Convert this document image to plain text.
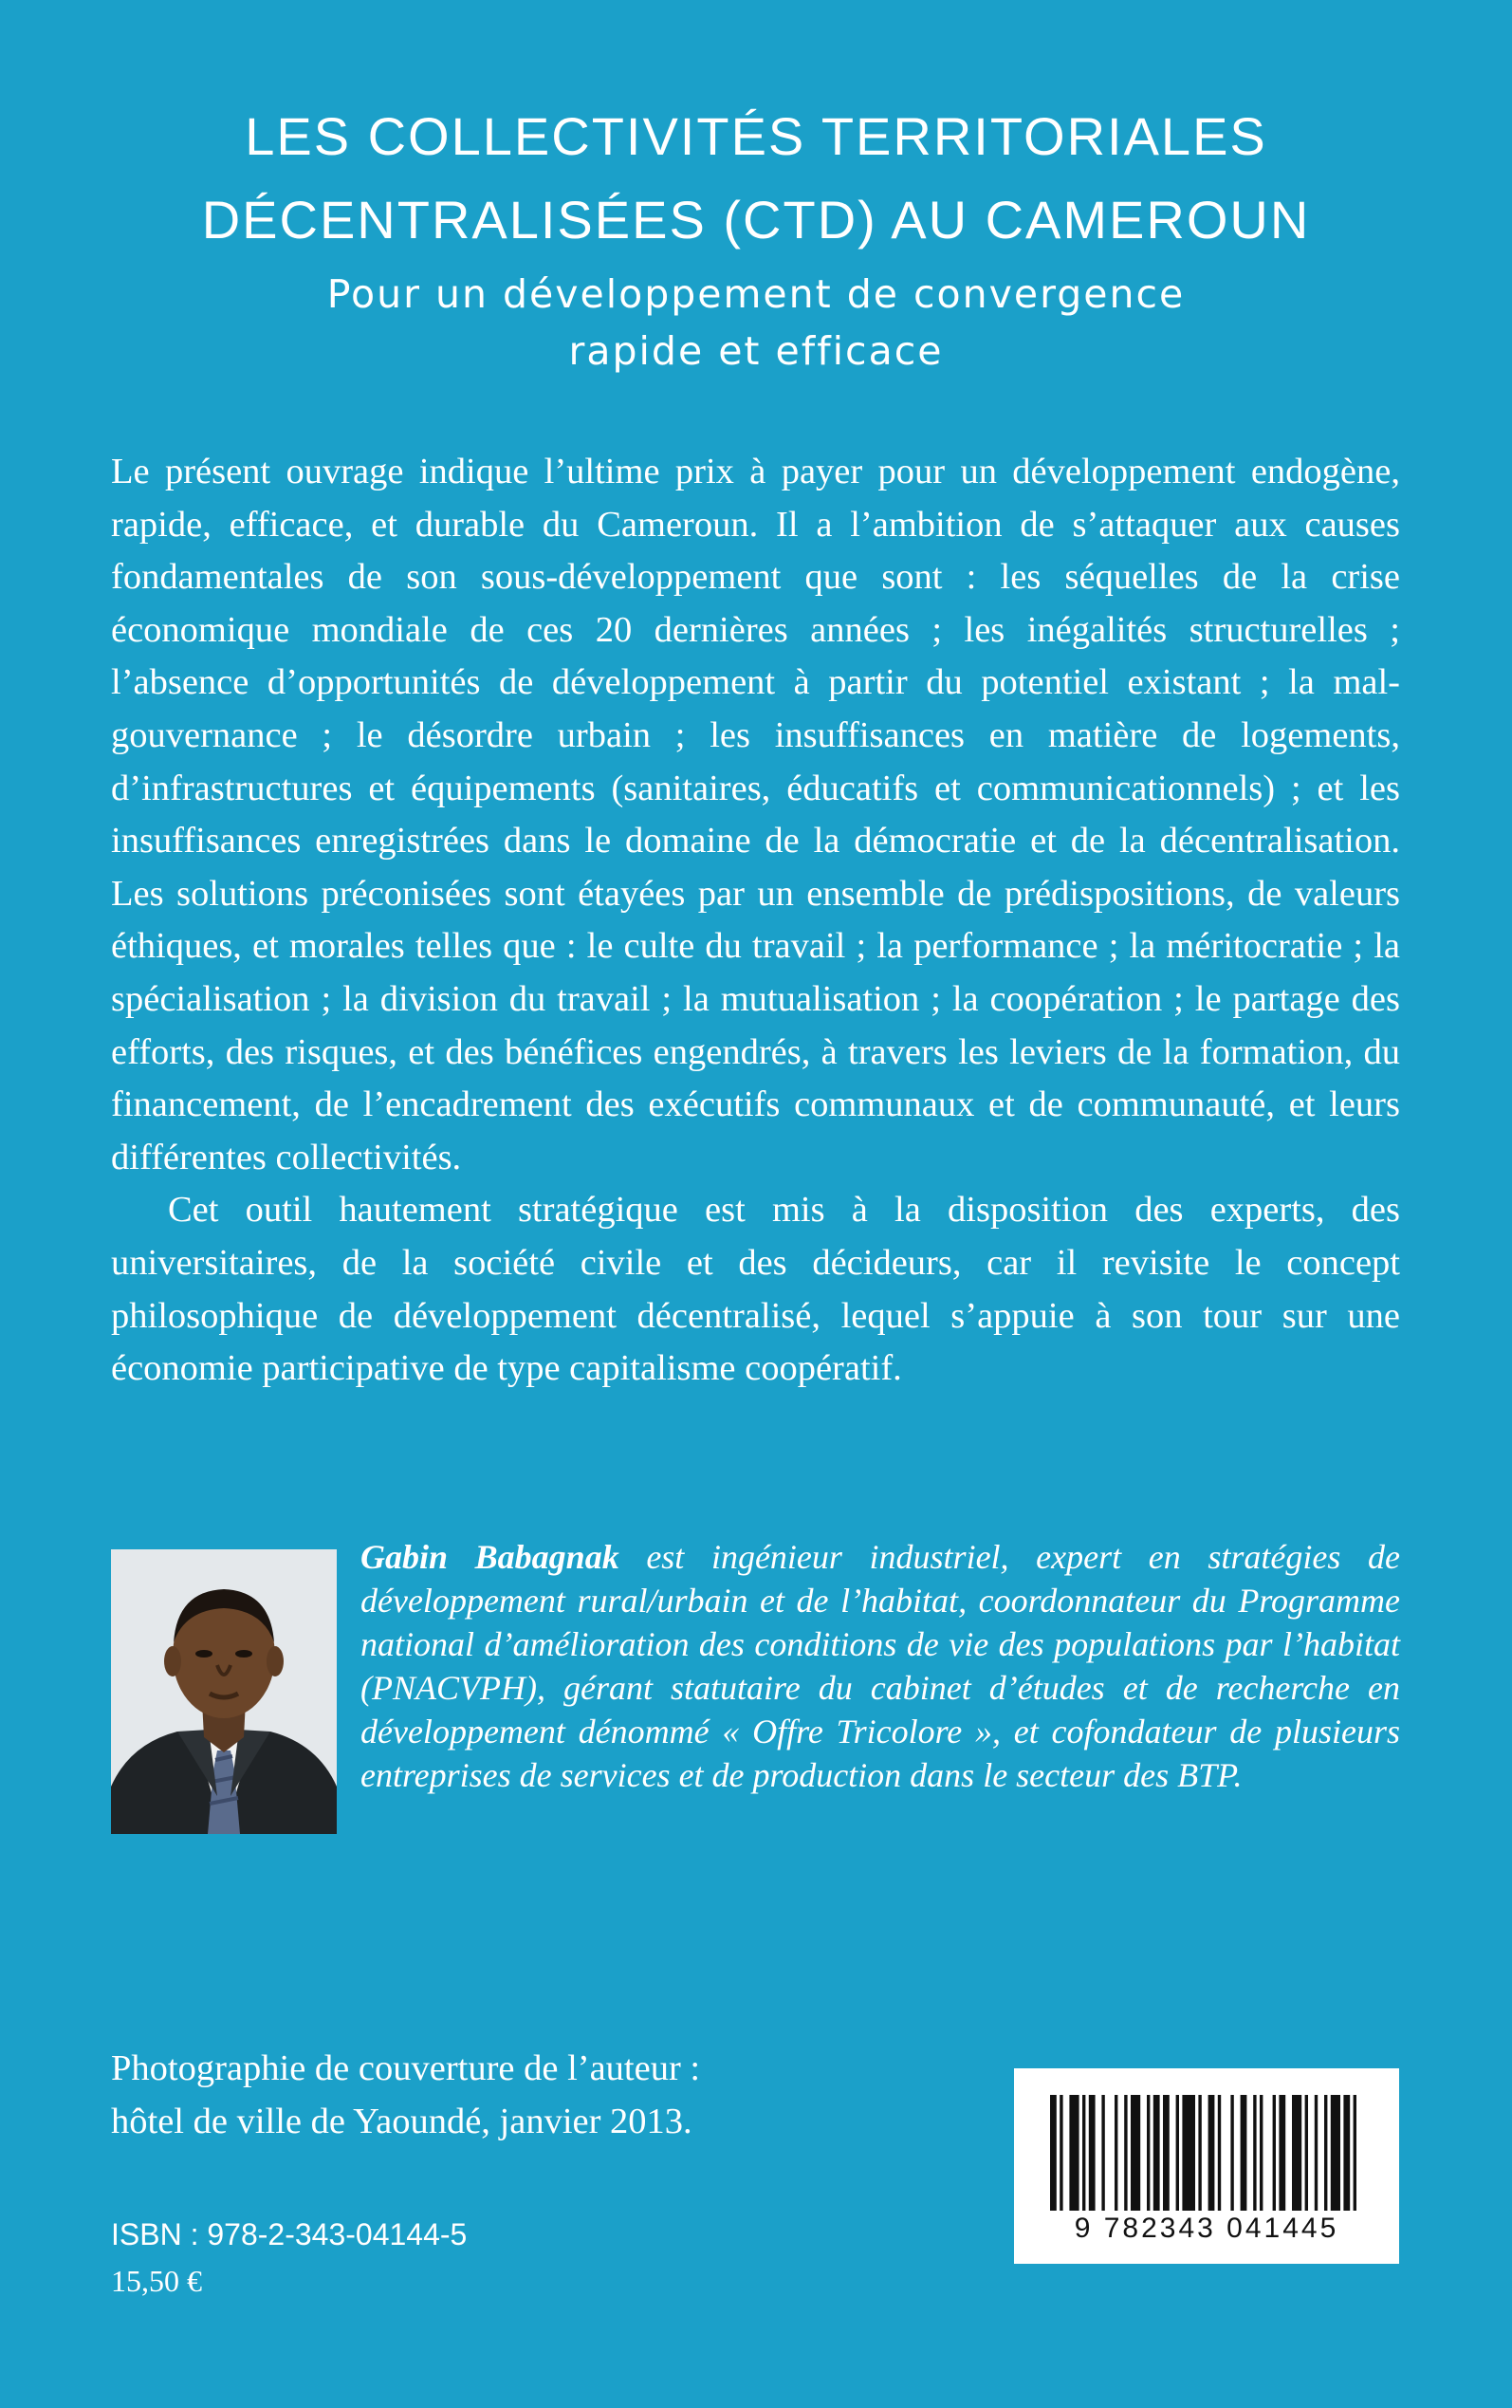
LES COLLECTIVITÉS TERRITORIALES
DÉCENTRALISÉES (CTD) AU CAMEROUN
Pour un développement de convergence
rapide et efficace

Le présent ouvrage indique l’ultime prix à payer pour un développement endogène, rapide, efficace, et durable du Cameroun. Il a l’ambition de s’attaquer aux causes fondamentales de son sous-développement que sont : les séquelles de la crise économique mondiale de ces 20 dernières années ; les inégalités structurelles ; l’absence d’opportunités de développement à partir du potentiel existant ; la mal-gouvernance ; le désordre urbain ; les insuffisances en matière de logements, d’infrastructures et équipements (sanitaires, éducatifs et communicationnels) ; et les insuffisances enregistrées dans le domaine de la démocratie et de la décentralisation. Les solutions préconisées sont étayées par un ensemble de prédispositions, de valeurs éthiques, et morales telles que : le culte du travail ; la performance ; la méritocratie ; la spécialisation ; la division du travail ; la mutualisation ; la coopération ; le partage des efforts, des risques, et des bénéfices engendrés, à travers les leviers de la formation, du financement, de l’encadrement des exécutifs communaux et de communauté, et leurs différentes collectivités.

Cet outil hautement stratégique est mis à la disposition des experts, des universitaires, de la société civile et des décideurs, car il revisite le concept philosophique de développement décentralisé, lequel s’appuie à son tour sur une économie participative de type capitalisme coopératif.

Gabin Babagnak est ingénieur industriel, expert en stratégies de développement rural/urbain et de l’habitat, coordonnateur du Programme national d’amélioration des conditions de vie des populations par l’habitat (PNACVPH), gérant statutaire du cabinet d’études et de recherche en développement dénommé « Offre Tricolore », et cofondateur de plusieurs entreprises de services et de production dans le secteur des BTP.
Photographie de couverture de l’auteur :
hôtel de ville de Yaoundé, janvier 2013.
ISBN : 978-2-343-04144-5
15,50 €
9 782343 041445
